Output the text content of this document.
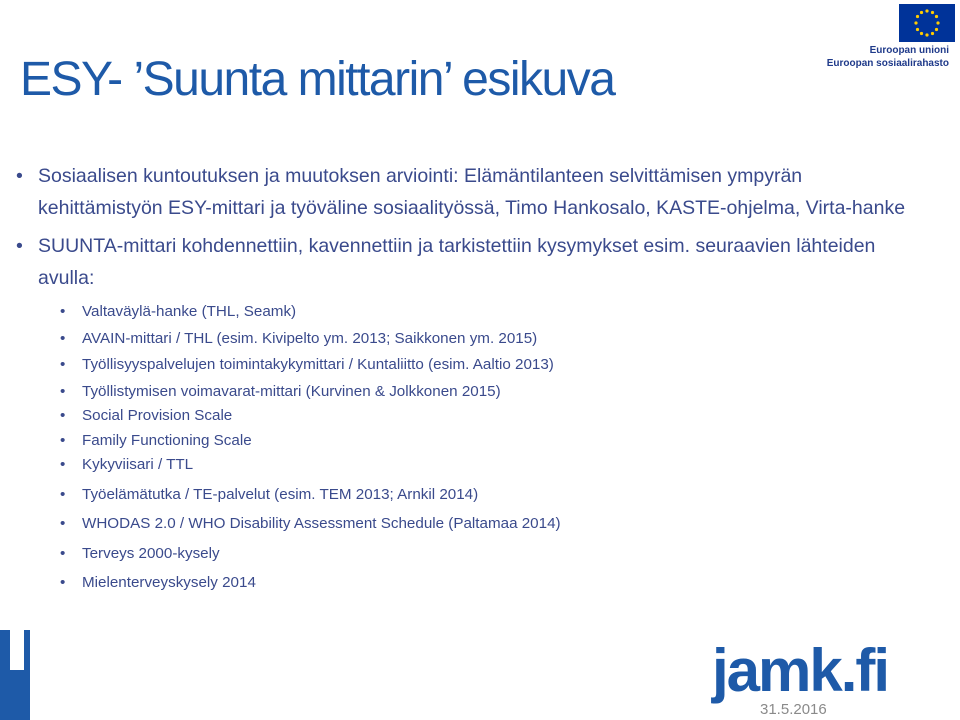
Euroopan unioni
Euroopan sosiaalirahasto
ESY- ’Suunta mittarin’ esikuva
• Sosiaalisen kuntoutuksen ja muutoksen arviointi: Elämäntilanteen selvittämisen ympyrän kehittämistyön ESY-mittari ja työväline sosiaalityössä, Timo Hankosalo, KASTE-ohjelma, Virta-hanke
• SUUNTA-mittari kohdennettiin, kavennettiin ja tarkistettiin kysymykset esim. seuraavien lähteiden avulla:
• Valtaväylä-hanke (THL, Seamk)
• AVAIN-mittari / THL (esim. Kivipelto ym. 2013; Saikkonen ym. 2015)
• Työllisyyspalvelujen toimintakykymittari / Kuntaliitto (esim. Aaltio 2013)
• Työllistymisen voimavarat-mittari (Kurvinen & Jolkkonen 2015)
• Social Provision Scale
• Family Functioning Scale
• Kykyviisari / TTL
• Työelämätutka / TE-palvelut (esim. TEM 2013; Arnkil 2014)
• WHODAS 2.0 / WHO Disability Assessment Schedule (Paltamaa 2014)
• Terveys 2000-kysely
• Mielenterveyskysely 2014
jamk.fi
31.5.2016
